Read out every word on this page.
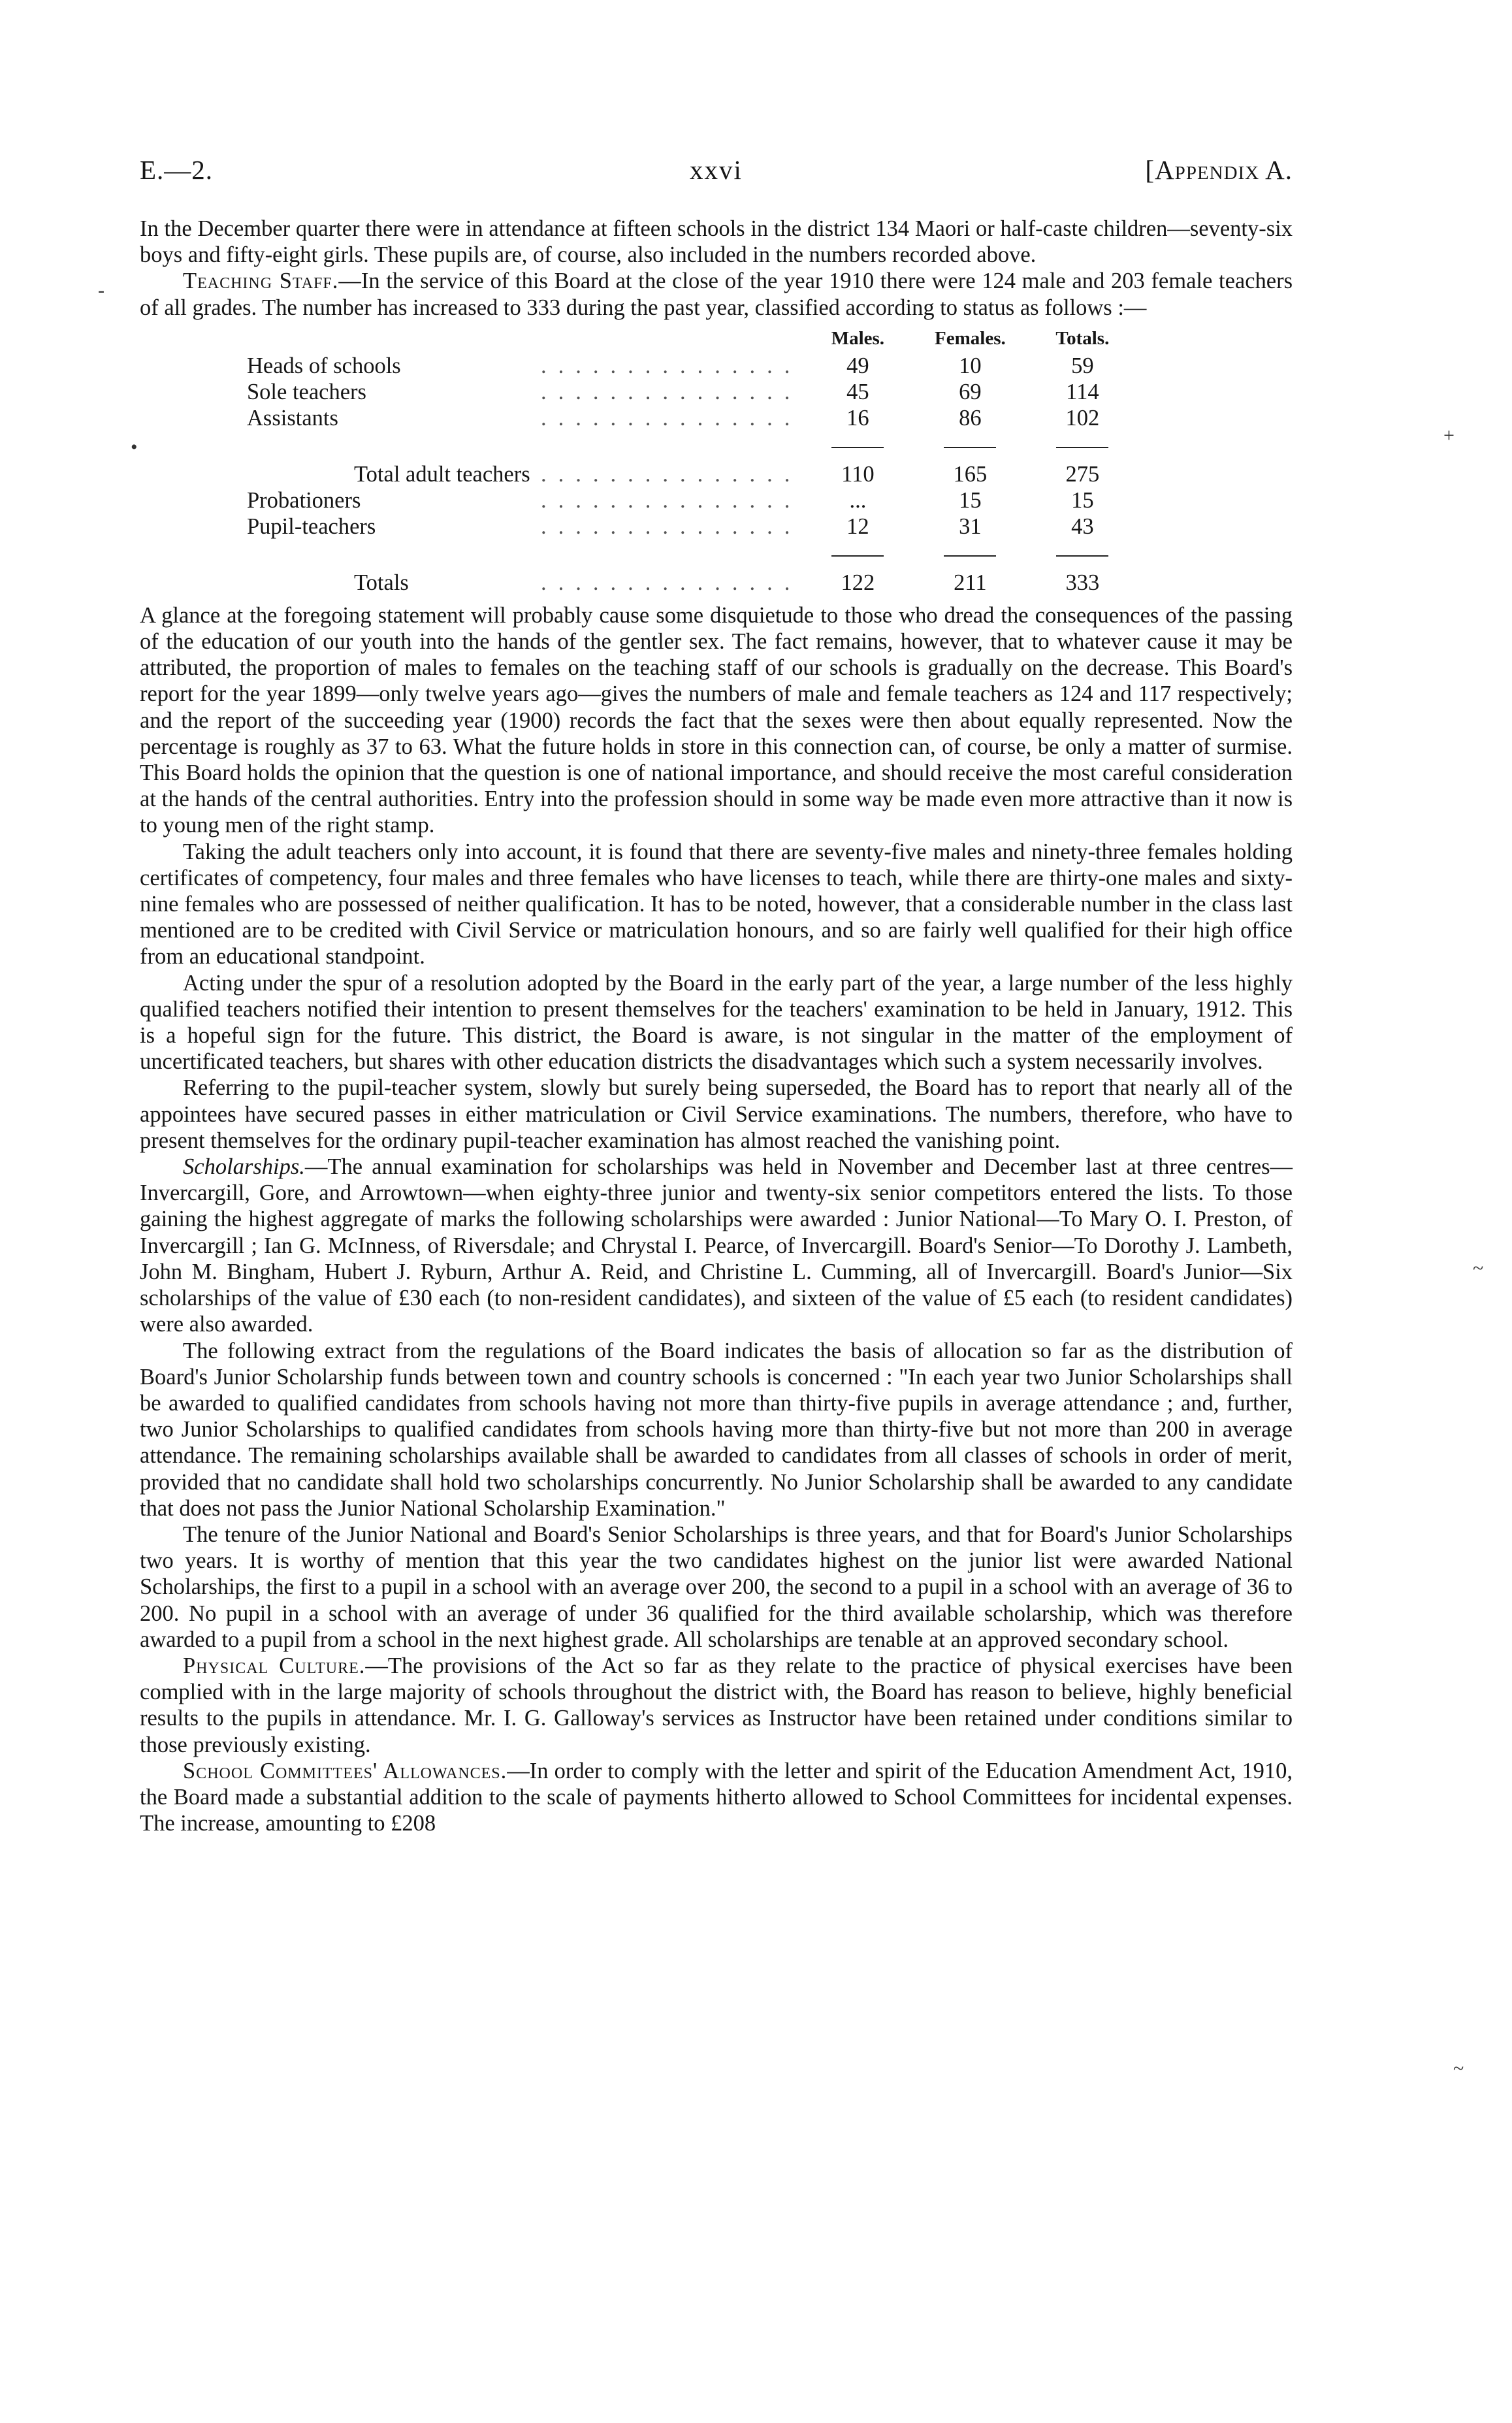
E.—2.	xxvi	[Appendix A.

In the December quarter there were in attendance at fifteen schools in the district 134 Maori or half-caste children—seventy-six boys and fifty-eight girls. These pupils are, of course, also included in the numbers recorded above.

Teaching Staff.—In the service of this Board at the close of the year 1910 there were 124 male and 203 female teachers of all grades. The number has increased to 333 during the past year, classified according to status as follows :—

		Males.	Females.	Totals.
Heads of schools	...............	49	10	59
Sole teachers	...............	45	69	114
Assistants	...............	16	86	102

Total adult teachers	...............	110	165	275
Probationers	...............	...	15	15
Pupil-teachers	...............	12	31	43

Totals	...............	122	211	333

A glance at the foregoing statement will probably cause some disquietude to those who dread the consequences of the passing of the education of our youth into the hands of the gentler sex. The fact remains, however, that to whatever cause it may be attributed, the proportion of males to females on the teaching staff of our schools is gradually on the decrease. This Board's report for the year 1899—only twelve years ago—gives the numbers of male and female teachers as 124 and 117 respectively; and the report of the succeeding year (1900) records the fact that the sexes were then about equally represented. Now the percentage is roughly as 37 to 63. What the future holds in store in this connection can, of course, be only a matter of surmise. This Board holds the opinion that the question is one of national importance, and should receive the most careful consideration at the hands of the central authorities. Entry into the profession should in some way be made even more attractive than it now is to young men of the right stamp.

Taking the adult teachers only into account, it is found that there are seventy-five males and ninety-three females holding certificates of competency, four males and three females who have licenses to teach, while there are thirty-one males and sixty-nine females who are possessed of neither qualification. It has to be noted, however, that a considerable number in the class last mentioned are to be credited with Civil Service or matriculation honours, and so are fairly well qualified for their high office from an educational standpoint.

Acting under the spur of a resolution adopted by the Board in the early part of the year, a large number of the less highly qualified teachers notified their intention to present themselves for the teachers' examination to be held in January, 1912. This is a hopeful sign for the future. This district, the Board is aware, is not singular in the matter of the employment of uncertificated teachers, but shares with other education districts the disadvantages which such a system necessarily involves.

Referring to the pupil-teacher system, slowly but surely being superseded, the Board has to report that nearly all of the appointees have secured passes in either matriculation or Civil Service examinations. The numbers, therefore, who have to present themselves for the ordinary pupil-teacher examination has almost reached the vanishing point.

Scholarships.—The annual examination for scholarships was held in November and December last at three centres—Invercargill, Gore, and Arrowtown—when eighty-three junior and twenty-six senior competitors entered the lists. To those gaining the highest aggregate of marks the following scholarships were awarded : Junior National—To Mary O. I. Preston, of Invercargill ; Ian G. McInness, of Riversdale; and Chrystal I. Pearce, of Invercargill. Board's Senior—To Dorothy J. Lambeth, John M. Bingham, Hubert J. Ryburn, Arthur A. Reid, and Christine L. Cumming, all of Invercargill. Board's Junior—Six scholarships of the value of £30 each (to non-resident candidates), and sixteen of the value of £5 each (to resident candidates) were also awarded.

The following extract from the regulations of the Board indicates the basis of allocation so far as the distribution of Board's Junior Scholarship funds between town and country schools is concerned : "In each year two Junior Scholarships shall be awarded to qualified candidates from schools having not more than thirty-five pupils in average attendance ; and, further, two Junior Scholarships to qualified candidates from schools having more than thirty-five but not more than 200 in average attendance. The remaining scholarships available shall be awarded to candidates from all classes of schools in order of merit, provided that no candidate shall hold two scholarships concurrently. No Junior Scholarship shall be awarded to any candidate that does not pass the Junior National Scholarship Examination."

The tenure of the Junior National and Board's Senior Scholarships is three years, and that for Board's Junior Scholarships two years. It is worthy of mention that this year the two candidates highest on the junior list were awarded National Scholarships, the first to a pupil in a school with an average over 200, the second to a pupil in a school with an average of 36 to 200. No pupil in a school with an average of under 36 qualified for the third available scholarship, which was therefore awarded to a pupil from a school in the next highest grade. All scholarships are tenable at an approved secondary school.

Physical Culture.—The provisions of the Act so far as they relate to the practice of physical exercises have been complied with in the large majority of schools throughout the district with, the Board has reason to believe, highly beneficial results to the pupils in attendance. Mr. I. G. Galloway's services as Instructor have been retained under conditions similar to those previously existing.

School Committees' Allowances.—In order to comply with the letter and spirit of the Education Amendment Act, 1910, the Board made a substantial addition to the scale of payments hitherto allowed to School Committees for incidental expenses. The increase, amounting to £208

-
•
+
~
~
